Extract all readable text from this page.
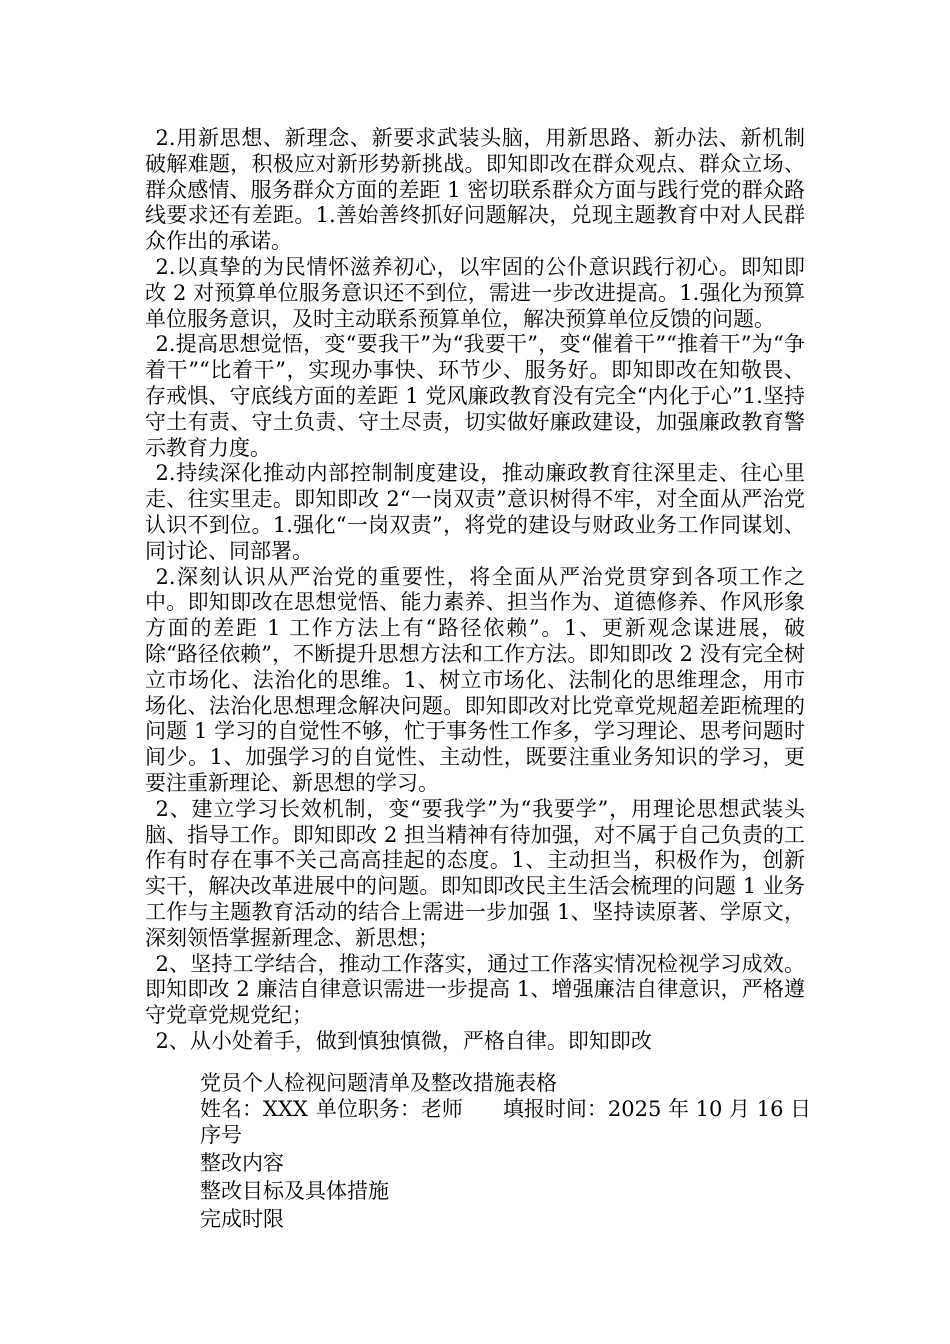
2.用新思想、新理念、新要求武装头脑，用新思路、新办法、新机制破解难题，积极应对新形势新挑战。即知即改在群众观点、群众立场、群众感情、服务群众方面的差距 1 密切联系群众方面与践行党的群众路线要求还有差距。1.善始善终抓好问题解决，兑现主题教育中对人民群众作出的承诺。

2.以真挚的为民情怀滋养初心，以牢固的公仆意识践行初心。即知即改 2 对预算单位服务意识还不到位，需进一步改进提高。1.强化为预算单位服务意识，及时主动联系预算单位，解决预算单位反馈的问题。

2.提高思想觉悟，变“要我干”为“我要干”，变“催着干”“推着干”为“争着干”“比着干”，实现办事快、环节少、服务好。即知即改在知敬畏、存戒惧、守底线方面的差距 1 党风廉政教育没有完全“内化于心”1.坚持守土有责、守土负责、守土尽责，切实做好廉政建设，加强廉政教育警示教育力度。

2.持续深化推动内部控制制度建设，推动廉政教育往深里走、往心里走、往实里走。即知即改 2“一岗双责”意识树得不牢，对全面从严治党认识不到位。1.强化“一岗双责”，将党的建设与财政业务工作同谋划、同讨论、同部署。

2.深刻认识从严治党的重要性，将全面从严治党贯穿到各项工作之中。即知即改在思想觉悟、能力素养、担当作为、道德修养、作风形象方面的差距 1 工作方法上有“路径依赖”。1、更新观念谋进展，破除“路径依赖”，不断提升思想方法和工作方法。即知即改 2 没有完全树立市场化、法治化的思维。1、树立市场化、法制化的思维理念，用市场化、法治化思想理念解决问题。即知即改对比党章党规超差距梳理的问题 1 学习的自觉性不够，忙于事务性工作多，学习理论、思考问题时间少。1、加强学习的自觉性、主动性，既要注重业务知识的学习，更要注重新理论、新思想的学习。

2、建立学习长效机制，变“要我学”为“我要学”，用理论思想武装头脑、指导工作。即知即改 2 担当精神有待加强，对不属于自己负责的工作有时存在事不关己高高挂起的态度。1、主动担当，积极作为，创新实干，解决改革进展中的问题。即知即改民主生活会梳理的问题 1 业务工作与主题教育活动的结合上需进一步加强 1、坚持读原著、学原文，深刻领悟掌握新理念、新思想；

2、坚持工学结合，推动工作落实，通过工作落实情况检视学习成效。即知即改 2 廉洁自律意识需进一步提高 1、增强廉洁自律意识，严格遵守党章党规党纪；

2、从小处着手，做到慎独慎微，严格自律。即知即改

党员个人检视问题清单及整改措施表格
姓名：XXX 单位职务：老师 填报时间：2025 年 10 月 16 日
序号
整改内容
整改目标及具体措施
完成时限
